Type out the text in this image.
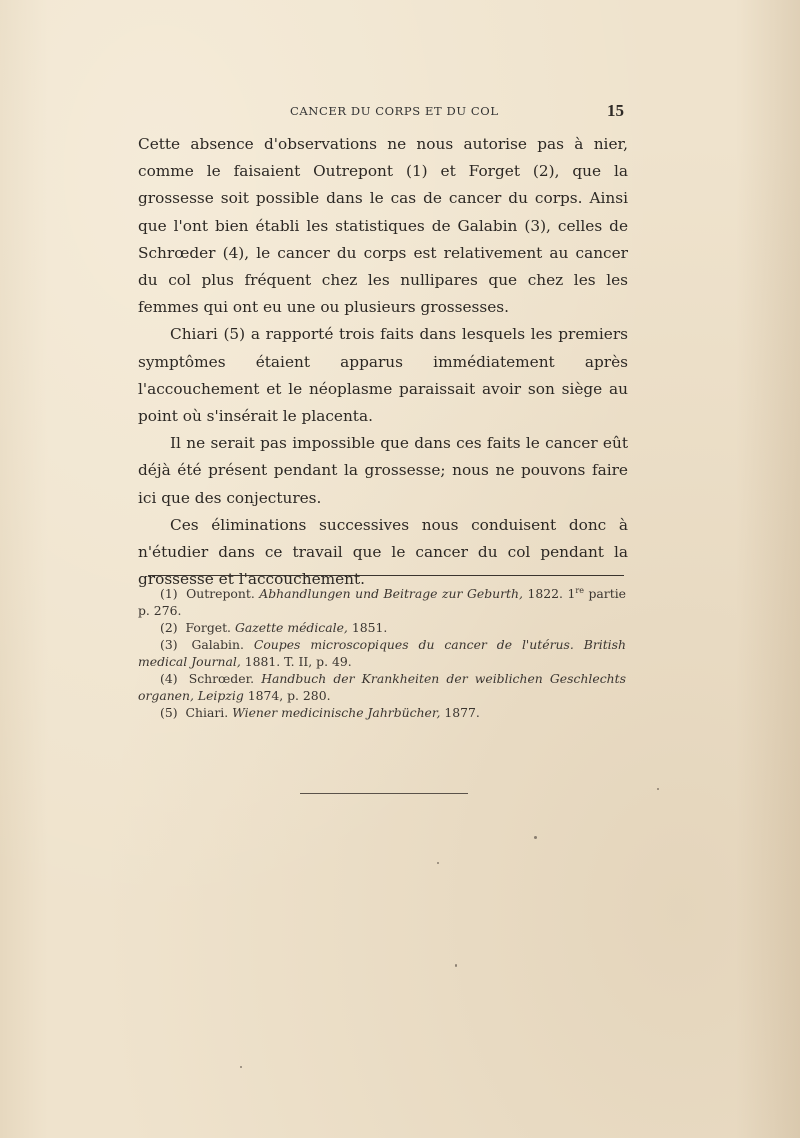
CANCER DU CORPS ET DU COL	15

Cette absence d'observations ne nous autorise pas à nier, comme le faisaient Outrepont (1) et Forget (2), que la grossesse soit possible dans le cas de cancer du corps. Ainsi que l'ont bien établi les statistiques de Galabin (3), celles de Schrœder (4), le cancer du corps est relativement au cancer du col plus fréquent chez les nullipares que chez les les femmes qui ont eu une ou plusieurs grossesses.

Chiari (5) a rapporté trois faits dans lesquels les premiers symptômes étaient apparus immédiatement après l'accouchement et le néoplasme paraissait avoir son siège au point où s'insérait le placenta.

Il ne serait pas impossible que dans ces faits le cancer eût déjà été présent pendant la grossesse; nous ne pouvons faire ici que des conjectures.

Ces éliminations successives nous conduisent donc à n'étudier dans ce travail que le cancer du col pendant la grossesse et l'accouchement.

(1) Outrepont. Abhandlungen und Beitrage zur Geburth, 1822. 1re partie p. 276.

(2) Forget. Gazette médicale, 1851.

(3) Galabin. Coupes microscopiques du cancer de l'utérus. British medical Journal, 1881. T. II, p. 49.

(4) Schrœder. Handbuch der Krankheiten der weiblichen Geschlechts organen, Leipzig 1874, p. 280.

(5) Chiari. Wiener medicinische Jahrbücher, 1877.
